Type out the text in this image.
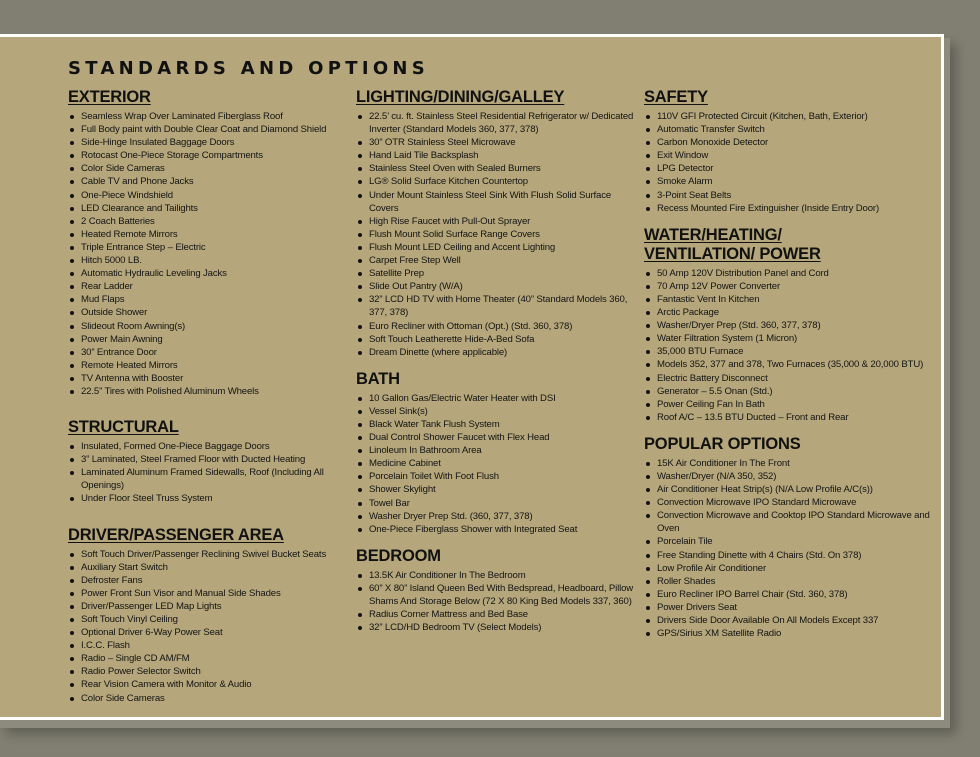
STANDARDS AND OPTIONS
EXTERIOR
Seamless Wrap Over Laminated Fiberglass Roof
Full Body paint with Double Clear Coat and Diamond Shield
Side-Hinge Insulated Baggage Doors
Rotocast One-Piece Storage Compartments
Color Side Cameras
Cable TV and Phone Jacks
One-Piece Windshield
LED Clearance and Tailights
2 Coach Batteries
Heated Remote Mirrors
Triple Entrance Step – Electric
Hitch 5000 LB.
Automatic Hydraulic Leveling Jacks
Rear Ladder
Mud Flaps
Outside Shower
Slideout Room Awning(s)
Power Main Awning
30” Entrance Door
Remote Heated Mirrors
TV Antenna with Booster
22.5” Tires with Polished Aluminum Wheels
STRUCTURAL
Insulated, Formed One-Piece Baggage Doors
3” Laminated, Steel Framed Floor with Ducted Heating
Laminated Aluminum Framed Sidewalls, Roof (Including All Openings)
Under Floor Steel Truss System
DRIVER/PASSENGER AREA
Soft Touch Driver/Passenger Reclining Swivel Bucket Seats
Auxiliary Start Switch
Defroster Fans
Power Front Sun Visor and Manual Side Shades
Driver/Passenger LED Map Lights
Soft Touch Vinyl Ceiling
Optional Driver 6-Way Power Seat
I.C.C. Flash
Radio – Single CD AM/FM
Radio Power Selector Switch
Rear Vision Camera with Monitor & Audio
Color Side Cameras
LIGHTING/DINING/GALLEY
22.5’ cu. ft. Stainless Steel Residential Refrigerator w/ Dedicated Inverter (Standard Models 360, 377, 378)
30” OTR Stainless Steel Microwave
Hand Laid Tile Backsplash
Stainless Steel Oven with Sealed Burners
LG® Solid Surface Kitchen Countertop
Under Mount Stainless Steel Sink With Flush Solid Surface Covers
High Rise Faucet with Pull-Out Sprayer
Flush Mount Solid Surface Range Covers
Flush Mount LED Ceiling and Accent Lighting
Carpet Free Step Well
Satellite Prep
Slide Out Pantry (W/A)
32” LCD HD TV with Home Theater (40” Standard Models 360, 377, 378)
Euro Recliner with Ottoman (Opt.) (Std. 360, 378)
Soft Touch Leatherette Hide-A-Bed Sofa
Dream Dinette (where applicable)
BATH
10 Gallon Gas/Electric Water Heater with DSI
Vessel Sink(s)
Black Water Tank Flush System
Dual Control Shower Faucet with Flex Head
Linoleum In Bathroom Area
Medicine Cabinet
Porcelain Toilet With Foot Flush
Shower Skylight
Towel Bar
Washer Dryer Prep Std. (360, 377, 378)
One-Piece Fiberglass Shower with Integrated Seat
BEDROOM
13.5K Air Conditioner In The Bedroom
60” X 80” Island Queen Bed With Bedspread, Headboard, Pillow Shams And Storage Below (72 X 80 King Bed Models 337, 360)
Radius Corner Mattress and Bed Base
32” LCD/HD Bedroom TV (Select Models)
SAFETY
110V GFI Protected Circuit (Kitchen, Bath, Exterior)
Automatic Transfer Switch
Carbon Monoxide Detector
Exit Window
LPG Detector
Smoke Alarm
3-Point Seat Belts
Recess Mounted Fire Extinguisher (Inside Entry Door)
WATER/HEATING/
VENTILATION/ POWER
50 Amp 120V Distribution Panel and Cord
70 Amp 12V Power Converter
Fantastic Vent In Kitchen
Arctic Package
Washer/Dryer Prep (Std. 360, 377, 378)
Water Filtration System (1 Micron)
35,000 BTU Furnace
Models 352, 377 and 378, Two Furnaces (35,000 & 20,000 BTU)
Electric Battery Disconnect
Generator – 5.5 Onan (Std.)
Power Ceiling Fan In Bath
Roof A/C – 13.5 BTU Ducted – Front and Rear
POPULAR OPTIONS
15K Air Conditioner In The Front
Washer/Dryer (N/A 350, 352)
Air Conditioner Heat Strip(s) (N/A Low Profile A/C(s))
Convection Microwave IPO Standard Microwave
Convection Microwave and Cooktop IPO Standard Microwave and Oven
Porcelain Tile
Free Standing Dinette with 4 Chairs (Std. On 378)
Low Profile Air Conditioner
Roller Shades
Euro Recliner IPO Barrel Chair (Std. 360, 378)
Power Drivers Seat
Drivers Side Door Available On All Models Except 337
GPS/Sirius XM Satellite Radio
